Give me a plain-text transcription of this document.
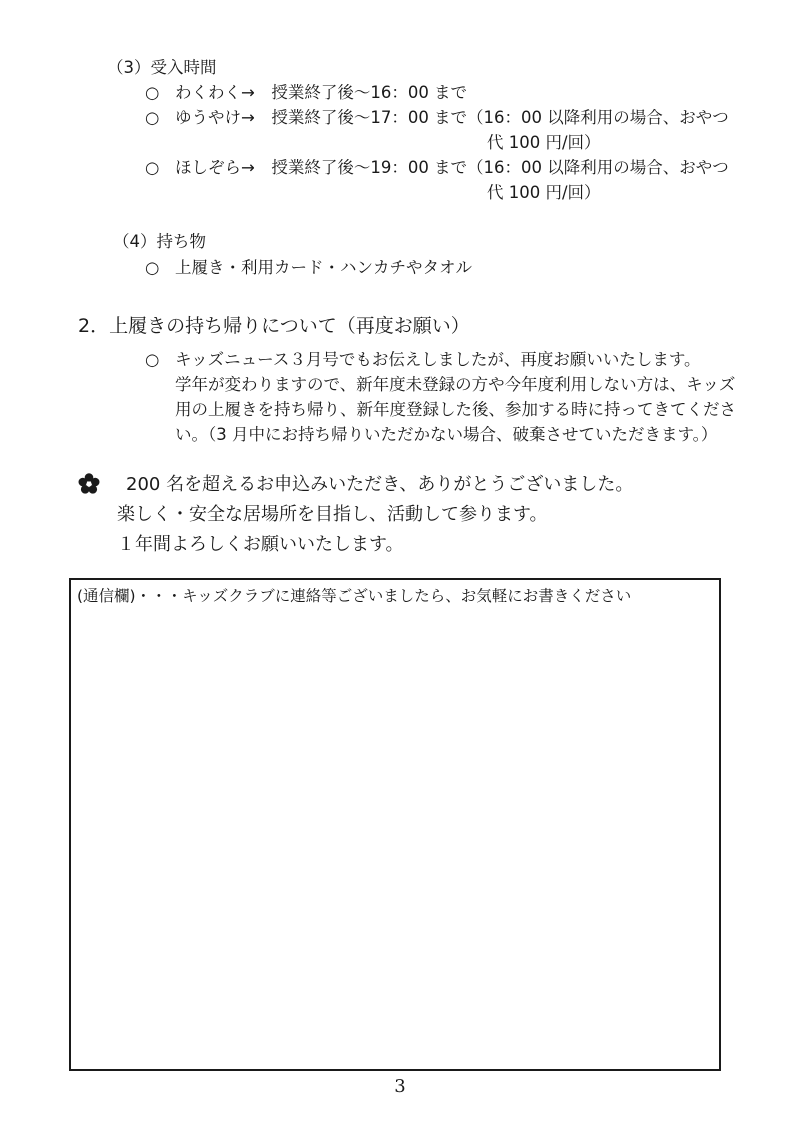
（3）受入時間
○ わくわく→　授業終了後～16：00 まで
○ ゆうやけ→　授業終了後～17：00 まで（16：00 以降利用の場合、おやつ
代 100 円/回）
○ ほしぞら→　授業終了後～19：00 まで（16：00 以降利用の場合、おやつ
代 100 円/回）
（4）持ち物
○ 上履き・利用カード・ハンカチやタオル
2．上履きの持ち帰りについて（再度お願い）
○ キッズニュース３月号でもお伝えしましたが、再度お願いいたします。
学年が変わりますので、新年度未登録の方や今年度利用しない方は、キッズ
用の上履きを持ち帰り、新年度登録した後、参加する時に持ってきてくださ
い。（3 月中にお持ち帰りいただかない場合、破棄させていただきます。）
200 名を超えるお申込みいただき、ありがとうございました。
楽しく・安全な居場所を目指し、活動して参ります。
１年間よろしくお願いいたします。
(通信欄)・・・キッズクラブに連絡等ございましたら、お気軽にお書きください
3
